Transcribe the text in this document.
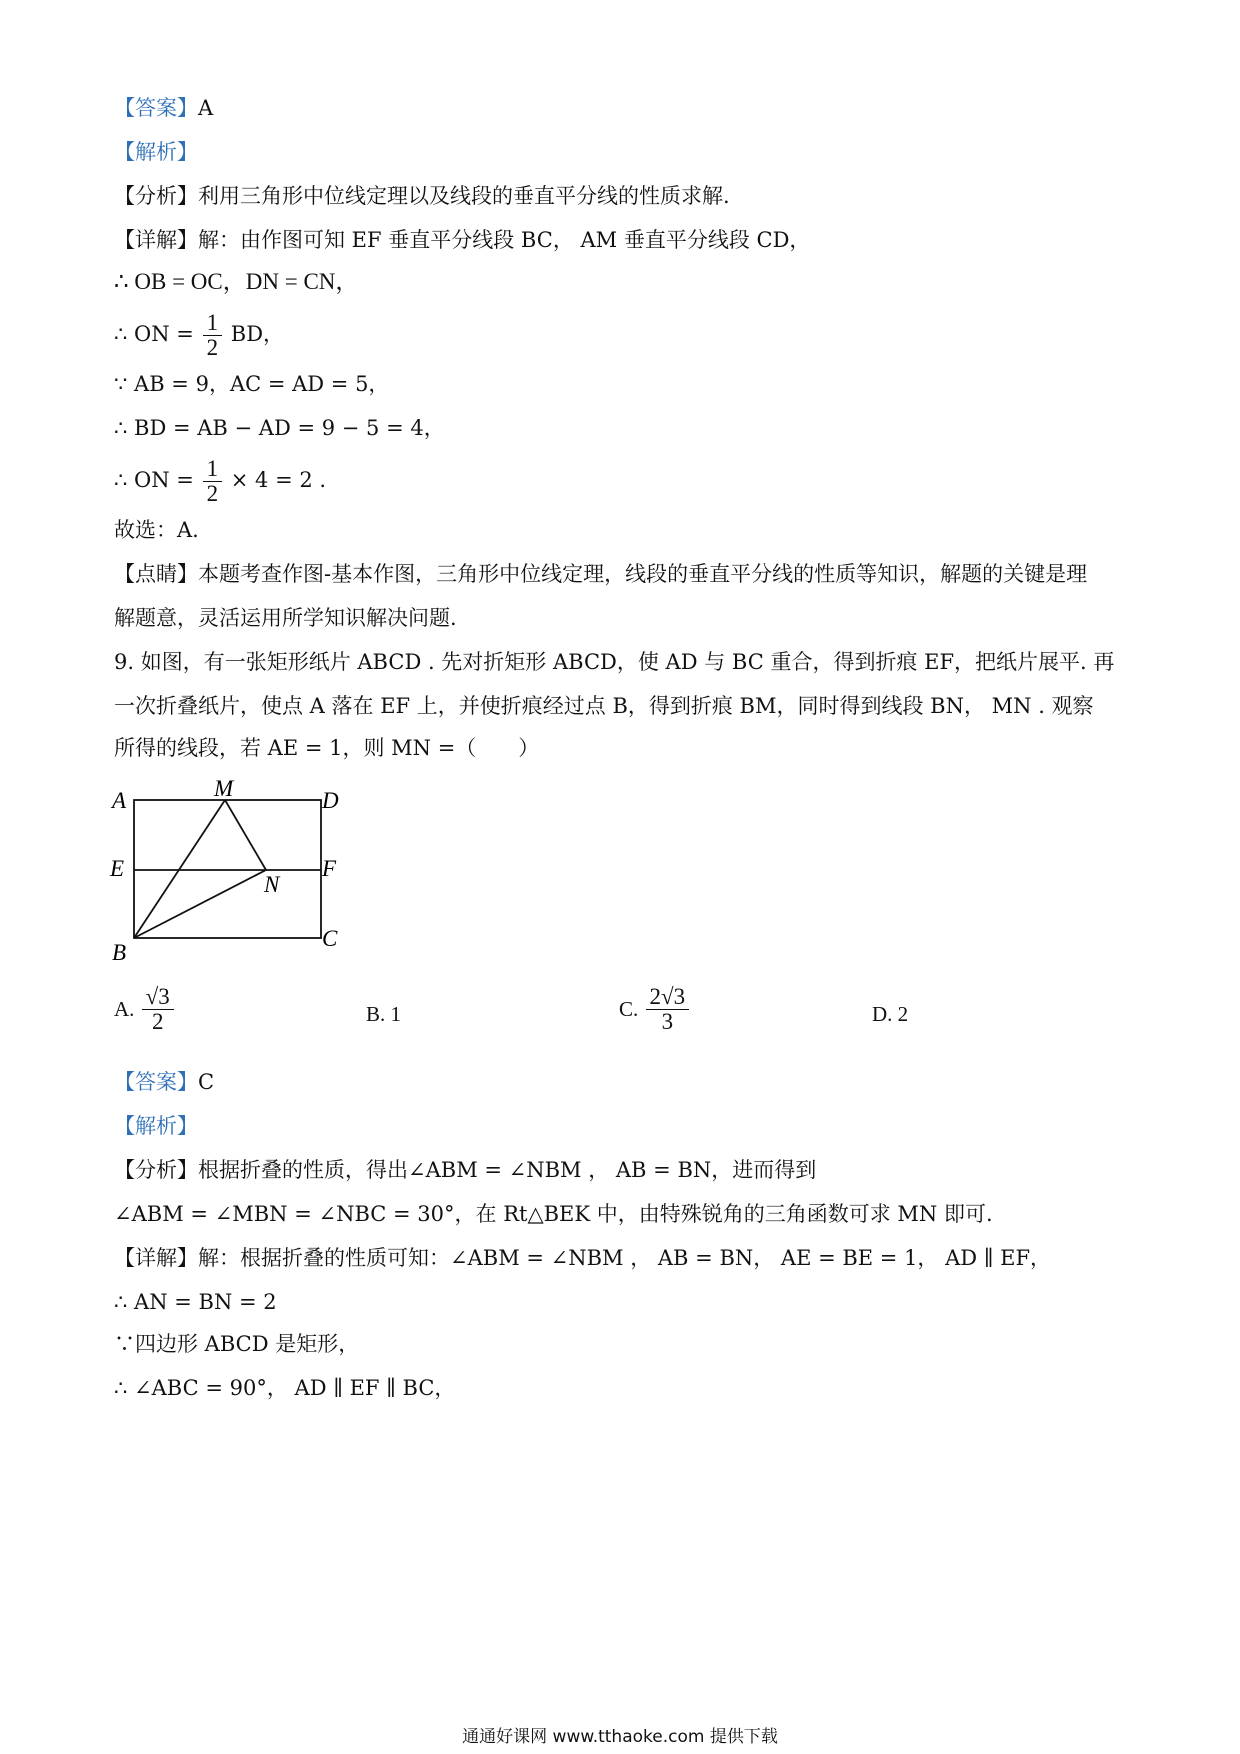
【答案】A
【解析】
【分析】利用三角形中位线定理以及线段的垂直平分线的性质求解.
【详解】解：由作图可知 EF 垂直平分线段 BC， AM 垂直平分线段 CD，
∴ OB = OC，DN = CN，
∴ ON = $\frac{1}{2}$ BD，
∵ AB = 9，AC = AD = 5，
∴ BD = AB − AD = 9 − 5 = 4，
∴ ON = $\frac{1}{2} \times 4 = 2$ .
故选：A.
【点睛】本题考查作图-基本作图，三角形中位线定理，线段的垂直平分线的性质等知识，解题的关键是理
解题意，灵活运用所学知识解决问题.
9. 如图，有一张矩形纸片 ABCD . 先对折矩形 ABCD，使 AD 与 BC 重合，得到折痕 EF，把纸片展平. 再
一次折叠纸片，使点 A 落在 EF 上，并使折痕经过点 B，得到折痕 BM，同时得到线段 BN， MN . 观察
所得的线段，若 AE = 1，则 MN =（　　）
A	M	D
E	F
N
B
C
A. $\frac{√3}{2}$	B. 1	C. $\frac{2√3}{3}$	D. 2
【答案】C
【解析】
【分析】根据折叠的性质，得出∠ABM = ∠NBM ， AB = BN，进而得到
∠ABM = ∠MBN = ∠NBC = 30°，在 Rt△BEK 中，由特殊锐角的三角函数可求 MN 即可.
【详解】解：根据折叠的性质可知：∠ABM = ∠NBM ， AB = BN， AE = BE = 1， AD ∥ EF，
∴ AN = BN = 2
∵四边形 ABCD 是矩形，
∴ ∠ABC = 90°， AD ∥ EF ∥ BC，
通通好课网 www.tthaoke.com 提供下载
